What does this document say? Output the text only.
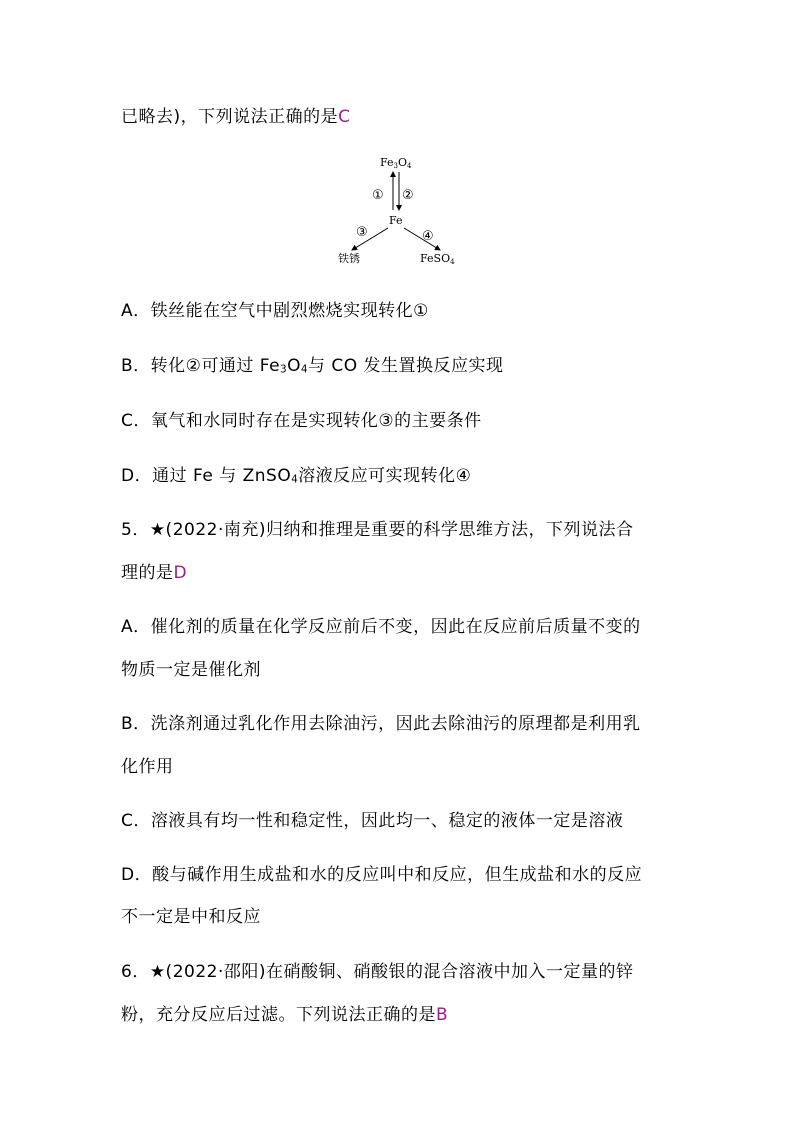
已略去)，下列说法正确的是C
Fe3O4
① ②
Fe
③	④
铁锈	FeSO4
A．铁丝能在空气中剧烈燃烧实现转化①
B．转化②可通过 Fe3O4与 CO 发生置换反应实现
C．氧气和水同时存在是实现转化③的主要条件
D．通过 Fe 与 ZnSO4溶液反应可实现转化④
5．★(2022·南充)归纳和推理是重要的科学思维方法，下列说法合
理的是D
A．催化剂的质量在化学反应前后不变，因此在反应前后质量不变的
物质一定是催化剂
B．洗涤剂通过乳化作用去除油污，因此去除油污的原理都是利用乳
化作用
C．溶液具有均一性和稳定性，因此均一、稳定的液体一定是溶液
D．酸与碱作用生成盐和水的反应叫中和反应，但生成盐和水的反应
不一定是中和反应
6．★(2022·邵阳)在硝酸铜、硝酸银的混合溶液中加入一定量的锌
粉，充分反应后过滤。下列说法正确的是B
